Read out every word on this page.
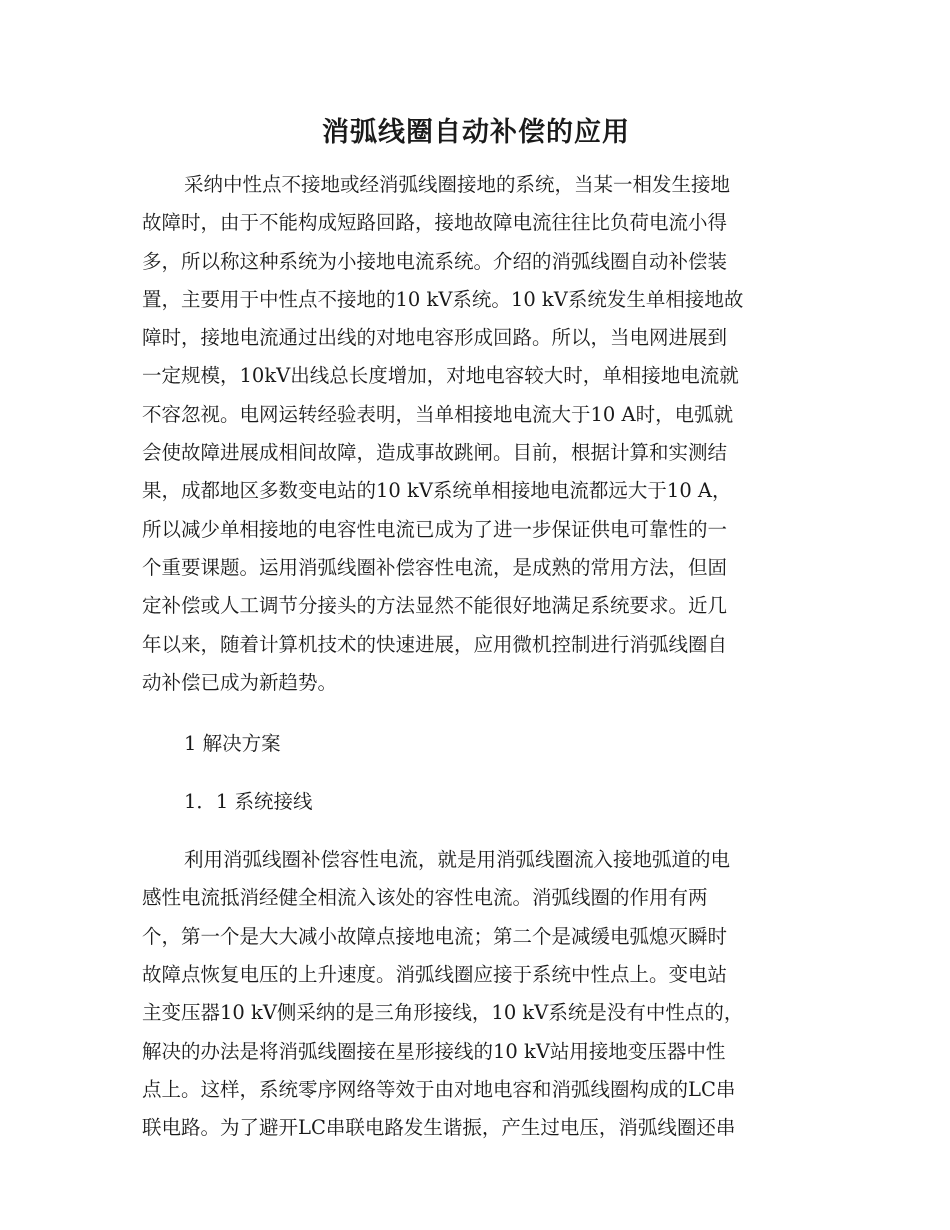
消弧线圈自动补偿的应用

采纳中性点不接地或经消弧线圈接地的系统，当某一相发生接地
故障时，由于不能构成短路回路，接地故障电流往往比负荷电流小得
多，所以称这种系统为小接地电流系统。介绍的消弧线圈自动补偿装
置，主要用于中性点不接地的10 kV系统。10 kV系统发生单相接地故
障时，接地电流通过出线的对地电容形成回路。所以，当电网进展到
一定规模，10kV出线总长度增加，对地电容较大时，单相接地电流就
不容忽视。电网运转经验表明，当单相接地电流大于10 A时，电弧就
会使故障进展成相间故障，造成事故跳闸。目前，根据计算和实测结
果，成都地区多数变电站的10 kV系统单相接地电流都远大于10 A，
所以减少单相接地的电容性电流已成为了进一步保证供电可靠性的一
个重要课题。运用消弧线圈补偿容性电流，是成熟的常用方法，但固
定补偿或人工调节分接头的方法显然不能很好地满足系统要求。近几
年以来，随着计算机技术的快速进展，应用微机控制进行消弧线圈自
动补偿已成为新趋势。

1 解决方案

1．1 系统接线

利用消弧线圈补偿容性电流，就是用消弧线圈流入接地弧道的电
感性电流抵消经健全相流入该处的容性电流。消弧线圈的作用有两
个，第一个是大大减小故障点接地电流；第二个是减缓电弧熄灭瞬时
故障点恢复电压的上升速度。消弧线圈应接于系统中性点上。变电站
主变压器10 kV侧采纳的是三角形接线，10 kV系统是没有中性点的，
解决的办法是将消弧线圈接在星形接线的10 kV站用接地变压器中性
点上。这样，系统零序网络等效于由对地电容和消弧线圈构成的LC串
联电路。为了避开LC串联电路发生谐振，产生过电压，消弧线圈还串
